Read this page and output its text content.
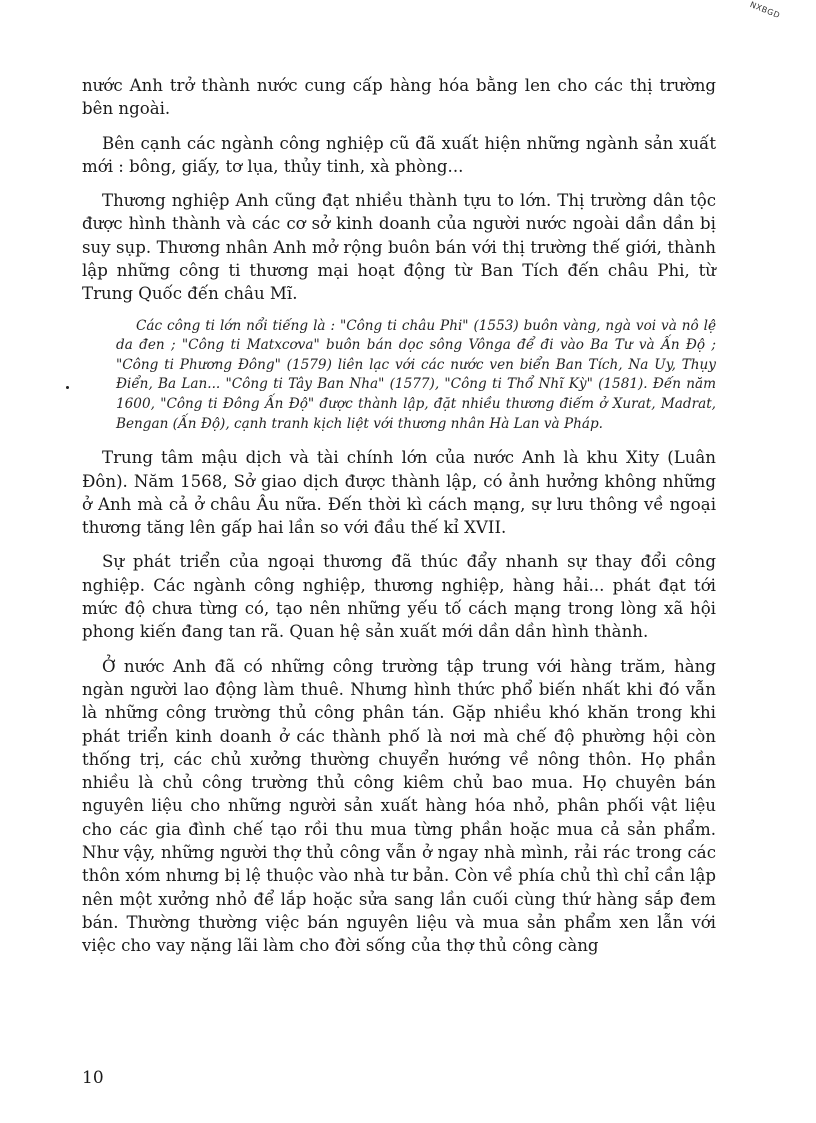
NXBGD

nước Anh trở thành nước cung cấp hàng hóa bằng len cho các thị trường bên ngoài.

Bên cạnh các ngành công nghiệp cũ đã xuất hiện những ngành sản xuất mới : bông, giấy, tơ lụa, thủy tinh, xà phòng...

Thương nghiệp Anh cũng đạt nhiều thành tựu to lớn. Thị trường dân tộc được hình thành và các cơ sở kinh doanh của người nước ngoài dần dần bị suy sụp. Thương nhân Anh mở rộng buôn bán với thị trường thế giới, thành lập những công ti thương mại hoạt động từ Ban Tích đến châu Phi, từ Trung Quốc đến châu Mĩ.

Các công ti lớn nổi tiếng là : "Công ti châu Phi" (1553) buôn vàng, ngà voi và nô lệ da đen ; "Công ti Matxcơva" buôn bán dọc sông Vônga để đi vào Ba Tư và Ấn Độ ; "Công ti Phương Đông" (1579) liên lạc với các nước ven biển Ban Tích, Na Uy, Thụy Điển, Ba Lan... "Công ti Tây Ban Nha" (1577), "Công ti Thổ Nhĩ Kỳ" (1581). Đến năm 1600, "Công ti Đông Ấn Độ" được thành lập, đặt nhiều thương điếm ở Xurat, Madrat, Bengan (Ấn Độ), cạnh tranh kịch liệt với thương nhân Hà Lan và Pháp.

Trung tâm mậu dịch và tài chính lớn của nước Anh là khu Xity (Luân Đôn). Năm 1568, Sở giao dịch được thành lập, có ảnh hưởng không những ở Anh mà cả ở châu Âu nữa. Đến thời kì cách mạng, sự lưu thông về ngoại thương tăng lên gấp hai lần so với đầu thế kỉ XVII.

Sự phát triển của ngoại thương đã thúc đẩy nhanh sự thay đổi công nghiệp. Các ngành công nghiệp, thương nghiệp, hàng hải... phát đạt tới mức độ chưa từng có, tạo nên những yếu tố cách mạng trong lòng xã hội phong kiến đang tan rã. Quan hệ sản xuất mới dần dần hình thành.

Ở nước Anh đã có những công trường tập trung với hàng trăm, hàng ngàn người lao động làm thuê. Nhưng hình thức phổ biến nhất khi đó vẫn là những công trường thủ công phân tán. Gặp nhiều khó khăn trong khi phát triển kinh doanh ở các thành phố là nơi mà chế độ phường hội còn thống trị, các chủ xưởng thường chuyển hướng về nông thôn. Họ phần nhiều là chủ công trường thủ công kiêm chủ bao mua. Họ chuyên bán nguyên liệu cho những người sản xuất hàng hóa nhỏ, phân phối vật liệu cho các gia đình chế tạo rồi thu mua từng phần hoặc mua cả sản phẩm. Như vậy, những người thợ thủ công vẫn ở ngay nhà mình, rải rác trong các thôn xóm nhưng bị lệ thuộc vào nhà tư bản. Còn về phía chủ thì chỉ cần lập nên một xưởng nhỏ để lắp hoặc sửa sang lần cuối cùng thứ hàng sắp đem bán. Thường thường việc bán nguyên liệu và mua sản phẩm xen lẫn với việc cho vay nặng lãi làm cho đời sống của thợ thủ công càng

10
